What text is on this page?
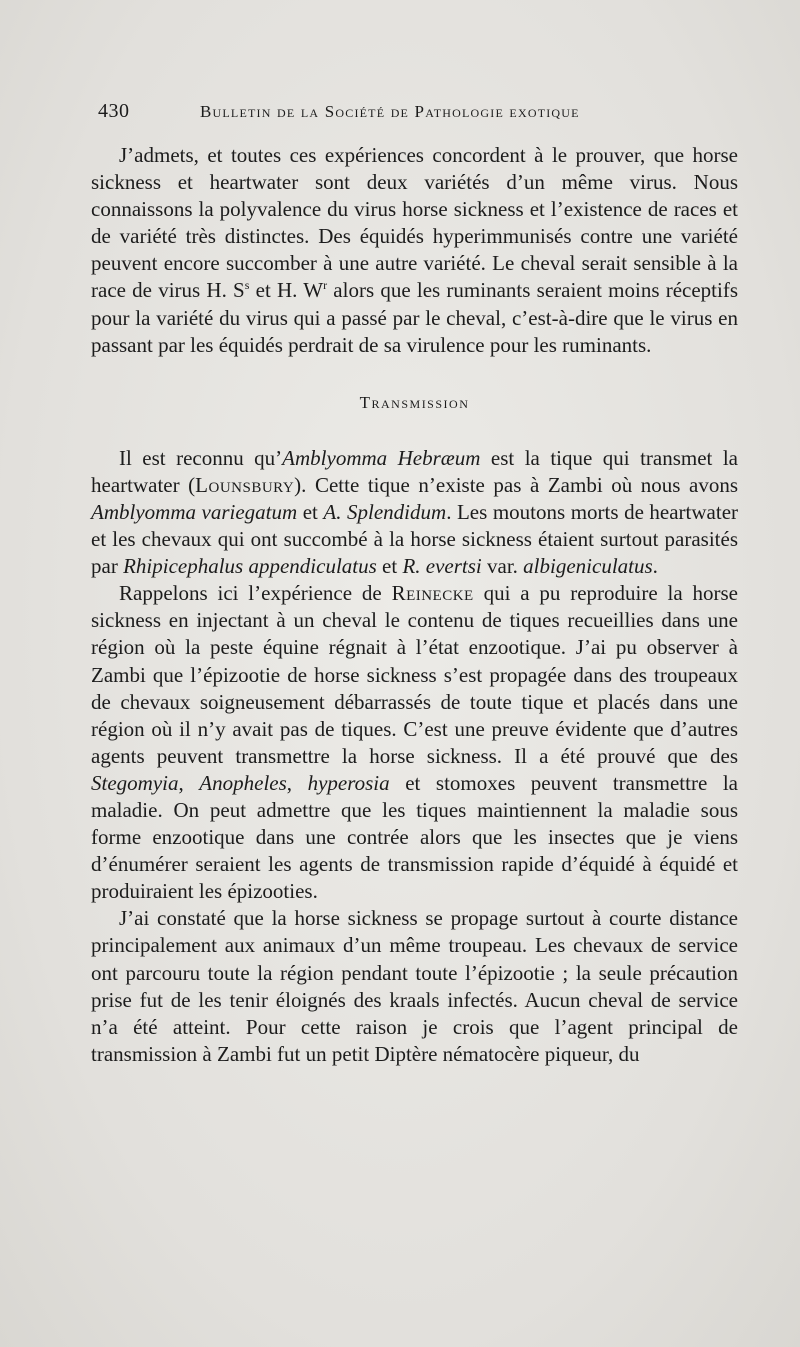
430	Bulletin de la Société de Pathologie exotique

J’admets, et toutes ces expériences concordent à le prouver, que horse sickness et heartwater sont deux variétés d’un même virus. Nous connaissons la polyvalence du virus horse sickness et l’existence de races et de variété très distinctes. Des équidés hyperimmunisés contre une variété peuvent encore succomber à une autre variété. Le cheval serait sensible à la race de virus H. $S^s$ et H. $W^r$ alors que les ruminants seraient moins réceptifs pour la variété du virus qui a passé par le cheval, c’est-à-dire que le virus en passant par les équidés perdrait de sa virulence pour les ruminants.

Transmission

Il est reconnu qu’Amblyomma Hebræum est la tique qui transmet la heartwater (Lounsbury). Cette tique n’existe pas à Zambi où nous avons Amblyomma variegatum et A. Splendidum. Les moutons morts de heartwater et les chevaux qui ont succombé à la horse sickness étaient surtout parasités par Rhipicephalus appendiculatus et R. evertsi var. albigeniculatus.

Rappelons ici l’expérience de Reinecke qui a pu reproduire la horse sickness en injectant à un cheval le contenu de tiques recueillies dans une région où la peste équine régnait à l’état enzootique. J’ai pu observer à Zambi que l’épizootie de horse sickness s’est propagée dans des troupeaux de chevaux soigneusement débarrassés de toute tique et placés dans une région où il n’y avait pas de tiques. C’est une preuve évidente que d’autres agents peuvent transmettre la horse sickness. Il a été prouvé que des Stegomyia, Anopheles, hyperosia et stomoxes peuvent transmettre la maladie. On peut admettre que les tiques maintiennent la maladie sous forme enzootique dans une contrée alors que les insectes que je viens d’énumérer seraient les agents de transmission rapide d’équidé à équidé et produiraient les épizooties.

J’ai constaté que la horse sickness se propage surtout à courte distance principalement aux animaux d’un même troupeau. Les chevaux de service ont parcouru toute la région pendant toute l’épizootie ; la seule précaution prise fut de les tenir éloignés des kraals infectés. Aucun cheval de service n’a été atteint. Pour cette raison je crois que l’agent principal de transmission à Zambi fut un petit Diptère nématocère piqueur, du
